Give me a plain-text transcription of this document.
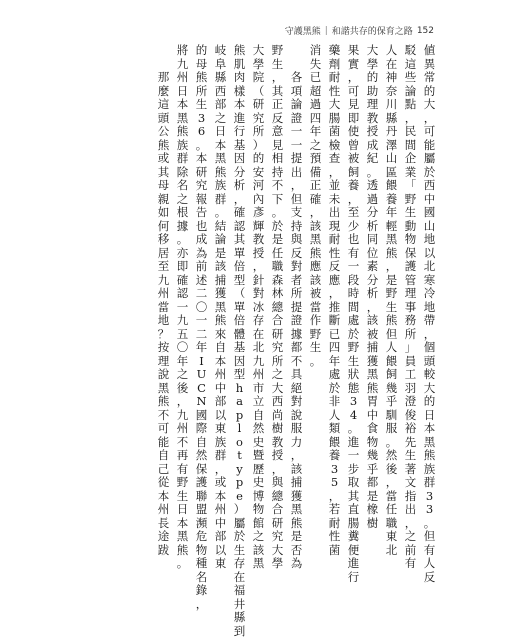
守護黑熊 | 和諧共存的保育之路 152
値
異
常
的
大
，
可
能
屬
於
西
中
國
山
地
以
北
寒
冷
地
帶
，
個
頭
較
大
的
日
本
黑
熊
族
群
3
3
。
但
有
人
反
駁
這
些
論
點
，
民
間
企
業
「
野
生
動
物
保
護
管
理
事
務
所
」
員
工
羽
澄
俊
裕
先
生
著
文
指
出
，
之
前
有
人
在
神
奈
川
縣
丹
澤
山
區
餵
養
年
輕
黑
熊
，
是
野
生
熊
但
人
餵
飼
幾
乎
馴
服
。
然
後
，
當
任
職
東
北
大
學
的
助
理
教
授
成
紀
。
透
過
分
析
同
位
素
分
析
，
該
被
捕
獲
黑
熊
胃
中
食
物
幾
乎
都
是
橡
樹
果
實
，
可
見
即
使
曾
被
飼
養
，
至
少
也
有
一
段
時
間
處
於
野
生
狀
態
3
4
。
進
一
步
取
其
直
腸
糞
便
進
行
藥
劑
耐
性
大
腸
菌
檢
查
，
並
未
出
現
耐
性
反
應
，
推
斷
已
四
年
處
於
非
人
類
餵
養
3
5
，
若
耐
性
菌
消
失
已
超
過
四
年
之
預
備
正
確
，
該
黑
熊
應
該
被
當
作
野
生
。
各
項
論
證
一
一
提
出
，
但
支
持
與
反
對
者
所
提
證
據
都
不
具
絕
對
說
服
力
，
該
捕
獲
黑
熊
是
否
為
野
生
，
其
正
反
意
見
相
持
不
下
。
於
是
任
職
森
林
總
合
研
究
所
之
大
西
尚
樹
教
授
，
與
總
合
研
究
大
學
大
學
院
（
研
究
所
）
的
安
河
內
彥
輝
教
授
，
針
對
冰
存
在
北
九
州
市
立
自
然
史
暨
歷
史
博
物
館
之
該
黑
熊
肌
肉
樣
本
進
行
基
因
分
析
，
確
認
其
單
倍
型
（
單
倍
體
基
因
型
h
a
p
l
o
t
y
p
e
）
屬
於
生
存
在
福
井
縣
到
岐
阜
縣
西
部
之
日
本
黑
熊
族
群
。
結
論
是
該
捕
獲
黑
熊
來
自
本
州
中
部
以
東
族
群
，
或
本
州
中
部
以
東
的
母
熊
所
生
3
6
。
本
研
究
報
告
也
成
為
前
述
二
〇
一
二
年
I
U
C
N
國
際
自
然
保
護
聯
盟
瀕
危
物
種
名
錄
，
將
九
州
日
本
黑
熊
族
群
除
名
之
根
據
。
亦
即
確
認
一
九
五
〇
年
之
後
，
九
州
不
再
有
野
生
日
本
黑
熊
。
那
麼
這
頭
公
熊
或
其
母
親
如
何
移
居
至
九
州
當
地
？
按
理
說
黑
熊
不
可
能
自
己
從
本
州
長
途
跋
